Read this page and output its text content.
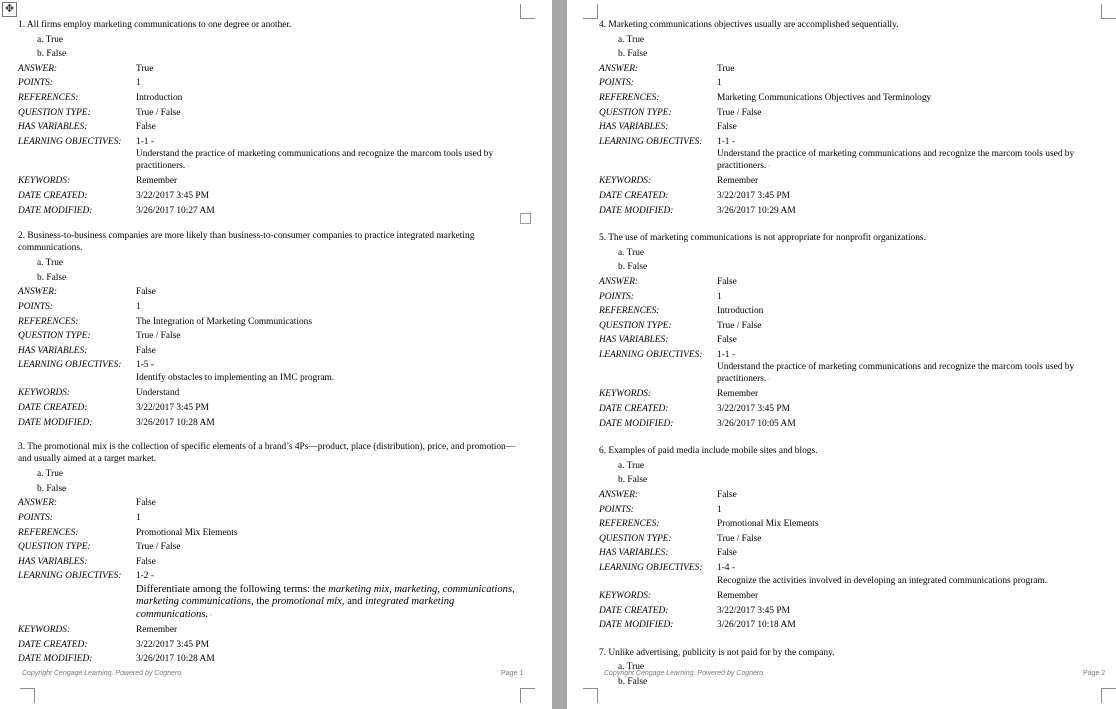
✥
1. All firms employ marketing communications to one degree or another.
a. True
b. False
ANSWER:	True
POINTS:	1
REFERENCES:	Introduction
QUESTION TYPE:	True / False
HAS VARIABLES:	False
LEARNING OBJECTIVES:	1-1 -
Understand the practice of marketing communications and recognize the marcom tools used by practitioners. ◦
KEYWORDS:	Remember
DATE CREATED:	3/22/2017 3:45 PM
DATE MODIFIED:	3/26/2017 10:27 AM
2. Business-to-business companies are more likely than business-to-consumer companies to practice integrated marketing communications.
a. True
b. False
ANSWER:	False
POINTS:	1
REFERENCES:	The Integration of Marketing Communications
QUESTION TYPE:	True / False
HAS VARIABLES:	False
LEARNING OBJECTIVES:	1-5 -
Identify obstacles to implementing an IMC program.
KEYWORDS:	Understand
DATE CREATED:	3/22/2017 3:45 PM
DATE MODIFIED:	3/26/2017 10:28 AM
3. The promotional mix is the collection of specific elements of a brand’s 4Ps—product, place (distribution), price, and promotion—and usually aimed at a target market.
a. True
b. False
ANSWER:	False
POINTS:	1
REFERENCES:	Promotional Mix Elements
QUESTION TYPE:	True / False
HAS VARIABLES:	False
LEARNING OBJECTIVES:	1-2 -
Differentiate among the following terms: the marketing mix, marketing, communications, marketing communications, the promotional mix, and integrated marketing communications. ◦
KEYWORDS:	Remember
DATE CREATED:	3/22/2017 3:45 PM
DATE MODIFIED:	3/26/2017 10:28 AM
Copyright Cengage Learning. Powered by Cognero.	Page 1
4. Marketing communications objectives usually are accomplished sequentially.
a. True
b. False
ANSWER:	True
POINTS:	1
REFERENCES:	Marketing Communications Objectives and Terminology
QUESTION TYPE:	True / False
HAS VARIABLES:	False
LEARNING OBJECTIVES:	1-1 -
Understand the practice of marketing communications and recognize the marcom tools used by practitioners. ◦
KEYWORDS:	Remember
DATE CREATED:	3/22/2017 3:45 PM
DATE MODIFIED:	3/26/2017 10:29 AM
5. The use of marketing communications is not appropriate for nonprofit organizations.
a. True
b. False
ANSWER:	False
POINTS:	1
REFERENCES:	Introduction
QUESTION TYPE:	True / False
HAS VARIABLES:	False
LEARNING OBJECTIVES:	1-1 -
Understand the practice of marketing communications and recognize the marcom tools used by practitioners. ◦
KEYWORDS:	Remember
DATE CREATED:	3/22/2017 3:45 PM
DATE MODIFIED:	3/26/2017 10:05 AM
6. Examples of paid media include mobile sites and blogs.
a. True
b. False
ANSWER:	False
POINTS:	1
REFERENCES:	Promotional Mix Elements
QUESTION TYPE:	True / False
HAS VARIABLES:	False
LEARNING OBJECTIVES:	1-4 -
Recognize the activities involved in developing an integrated communications program.
KEYWORDS:	Remember
DATE CREATED:	3/22/2017 3:45 PM
DATE MODIFIED:	3/26/2017 10:18 AM
7. Unlike advertising, publicity is not paid for by the company.
a. True
b. False
Copyright Cengage Learning. Powered by Cognero.	Page 2
